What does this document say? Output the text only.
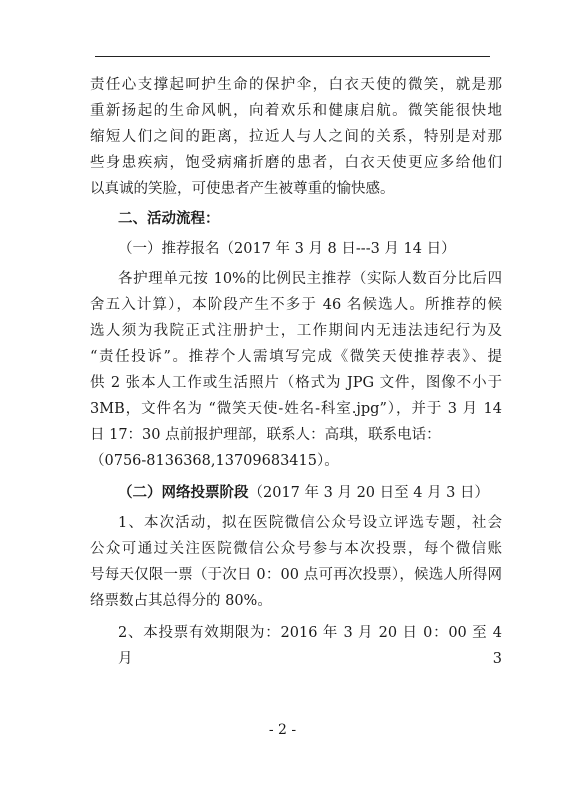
责任心支撑起呵护生命的保护伞，白衣天使的微笑，就是那
重新扬起的生命风帆，向着欢乐和健康启航。微笑能很快地
缩短人们之间的距离，拉近人与人之间的关系，特别是对那
些身患疾病，饱受病痛折磨的患者，白衣天使更应多给他们
以真诚的笑脸，可使患者产生被尊重的愉快感。
二、活动流程：
（一）推荐报名（2017 年 3 月 8 日---3 月 14 日）
各护理单元按 10%的比例民主推荐（实际人数百分比后四
舍五入计算），本阶段产生不多于 46 名候选人。所推荐的候
选人须为我院正式注册护士，工作期间内无违法违纪行为及
“责任投诉”。推荐个人需填写完成《微笑天使推荐表》、提
供 2 张本人工作或生活照片（格式为 JPG 文件，图像不小于
3MB，文件名为 “微笑天使-姓名-科室.jpg”），并于 3 月 14
日 17：30 点前报护理部，联系人：高琪，联系电话：
（0756-8136368,13709683415）。
（二）网络投票阶段（2017 年 3 月 20 日至 4 月 3 日）
1、本次活动，拟在医院微信公众号设立评选专题，社会
公众可通过关注医院微信公众号参与本次投票，每个微信账
号每天仅限一票（于次日 0：00 点可再次投票），候选人所得网
络票数占其总得分的 80%。
2、本投票有效期限为：2016 年 3 月 20 日 0：00 至 4 月 3
- 2 -
